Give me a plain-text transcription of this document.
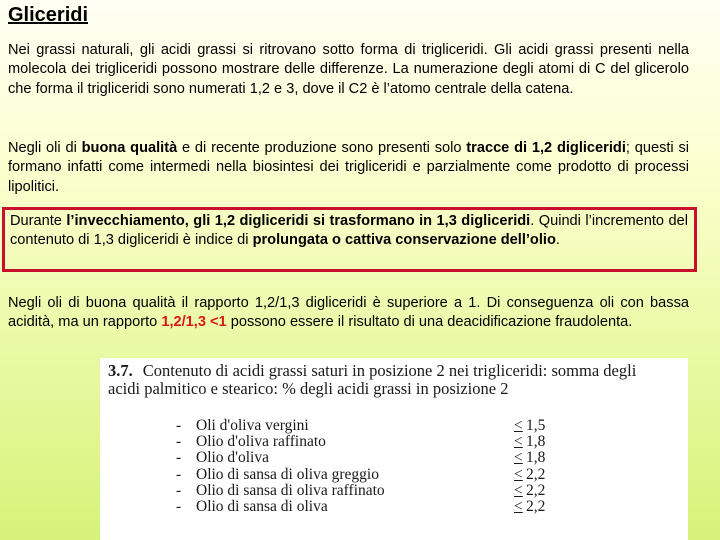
Gliceridi

Nei grassi naturali, gli acidi grassi si ritrovano sotto forma di trigliceridi. Gli acidi grassi presenti nella molecola dei trigliceridi possono mostrare delle differenze. La numerazione degli atomi di C del glicerolo che forma il trigliceridi sono numerati 1,2 e 3, dove il C2 è l’atomo centrale della catena.

Negli oli di buona qualità e di recente produzione sono presenti solo tracce di 1,2 digliceridi; questi si formano infatti come intermedi nella biosintesi dei trigliceridi e parzialmente come prodotto di processi lipolitici.

Durante l’invecchiamento, gli 1,2 digliceridi si trasformano in 1,3 digliceridi. Quindi l’incremento del contenuto di 1,3 digliceridi è indice di prolungata o cattiva conservazione dell’olio.

Negli oli di buona qualità il rapporto 1,2/1,3 digliceridi è superiore a 1. Di conseguenza oli con bassa acidità, ma un rapporto 1,2/1,3 <1 possono essere il risultato di una deacidificazione fraudolenta.

3.7. Contenuto di acidi grassi saturi in posizione 2 nei trigliceridi: somma degli acidi palmitico e stearico: % degli acidi grassi in posizione 2

- Oli d'oliva vergini	< 1,5
- Olio d'oliva raffinato	< 1,8
- Olio d'oliva	< 1,8
- Olio di sansa di oliva greggio	< 2,2
- Olio di sansa di oliva raffinato	< 2,2
- Olio di sansa di oliva	< 2,2
